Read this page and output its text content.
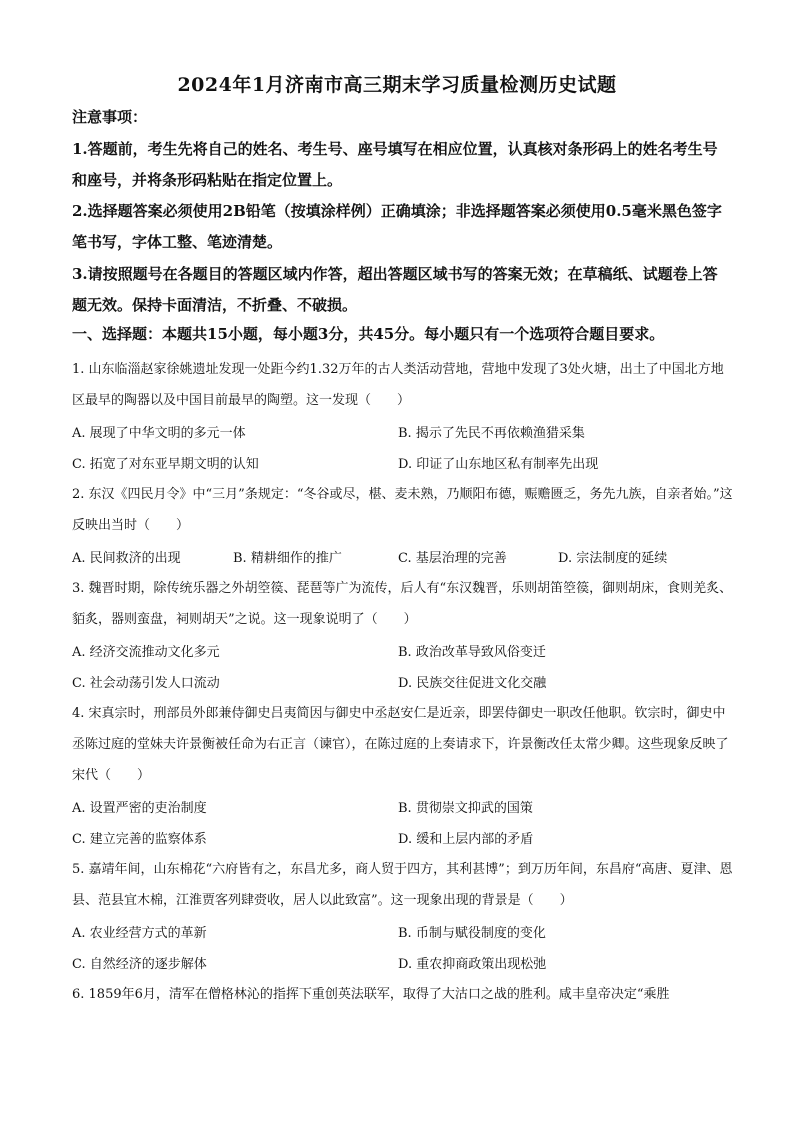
2024年1月济南市高三期末学习质量检测历史试题
注意事项：
1.答题前，考生先将自己的姓名、考生号、座号填写在相应位置，认真核对条形码上的姓名考生号和座号，并将条形码粘贴在指定位置上。
2.选择题答案必须使用2B铅笔（按填涂样例）正确填涂；非选择题答案必须使用0.5毫米黑色签字笔书写，字体工整、笔迹清楚。
3.请按照题号在各题目的答题区域内作答，超出答题区域书写的答案无效；在草稿纸、试题卷上答题无效。保持卡面清洁，不折叠、不破损。
一、选择题：本题共15小题，每小题3分，共45分。每小题只有一个选项符合题目要求。
1. 山东临淄赵家徐姚遗址发现一处距今约1.32万年的古人类活动营地，营地中发现了3处火塘，出土了中国北方地区最早的陶器以及中国目前最早的陶塑。这一发现（　　）
A. 展现了中华文明的多元一体	B. 揭示了先民不再依赖渔猎采集
C. 拓宽了对东亚早期文明的认知	D. 印证了山东地区私有制率先出现
2. 东汉《四民月令》中“三月”条规定：“冬谷或尽，椹、麦未熟，乃顺阳布德，赈赡匮乏，务先九族，自亲者始。”这反映出当时（　　）
A. 民间救济的出现	B. 精耕细作的推广	C. 基层治理的完善	D. 宗法制度的延续
3. 魏晋时期，除传统乐器之外胡箜篌、琵琶等广为流传，后人有“东汉魏晋，乐则胡笛箜篌，御则胡床，食则羌炙、貊炙，器则蛮盘，祠则胡天”之说。这一现象说明了（　　）
A. 经济交流推动文化多元	B. 政治改革导致风俗变迁
C. 社会动荡引发人口流动	D. 民族交往促进文化交融
4. 宋真宗时，刑部员外郎兼侍御史吕夷简因与御史中丞赵安仁是近亲，即罢侍御史一职改任他职。钦宗时，御史中丞陈过庭的堂妹夫许景衡被任命为右正言（谏官），在陈过庭的上奏请求下，许景衡改任太常少卿。这些现象反映了宋代（　　）
A. 设置严密的吏治制度	B. 贯彻崇文抑武的国策
C. 建立完善的监察体系	D. 缓和上层内部的矛盾
5. 嘉靖年间，山东棉花“六府皆有之，东昌尤多，商人贸于四方，其利甚博”；到万历年间，东昌府“高唐、夏津、恩县、范县宜木棉，江淮贾客列肆赍收，居人以此致富”。这一现象出现的背景是（　　）
A. 农业经营方式的革新	B. 币制与赋役制度的变化
C. 自然经济的逐步解体	D. 重农抑商政策出现松弛
6. 1859年6月，清军在僧格林沁的指挥下重创英法联军，取得了大沽口之战的胜利。咸丰皇帝决定“乘胜
